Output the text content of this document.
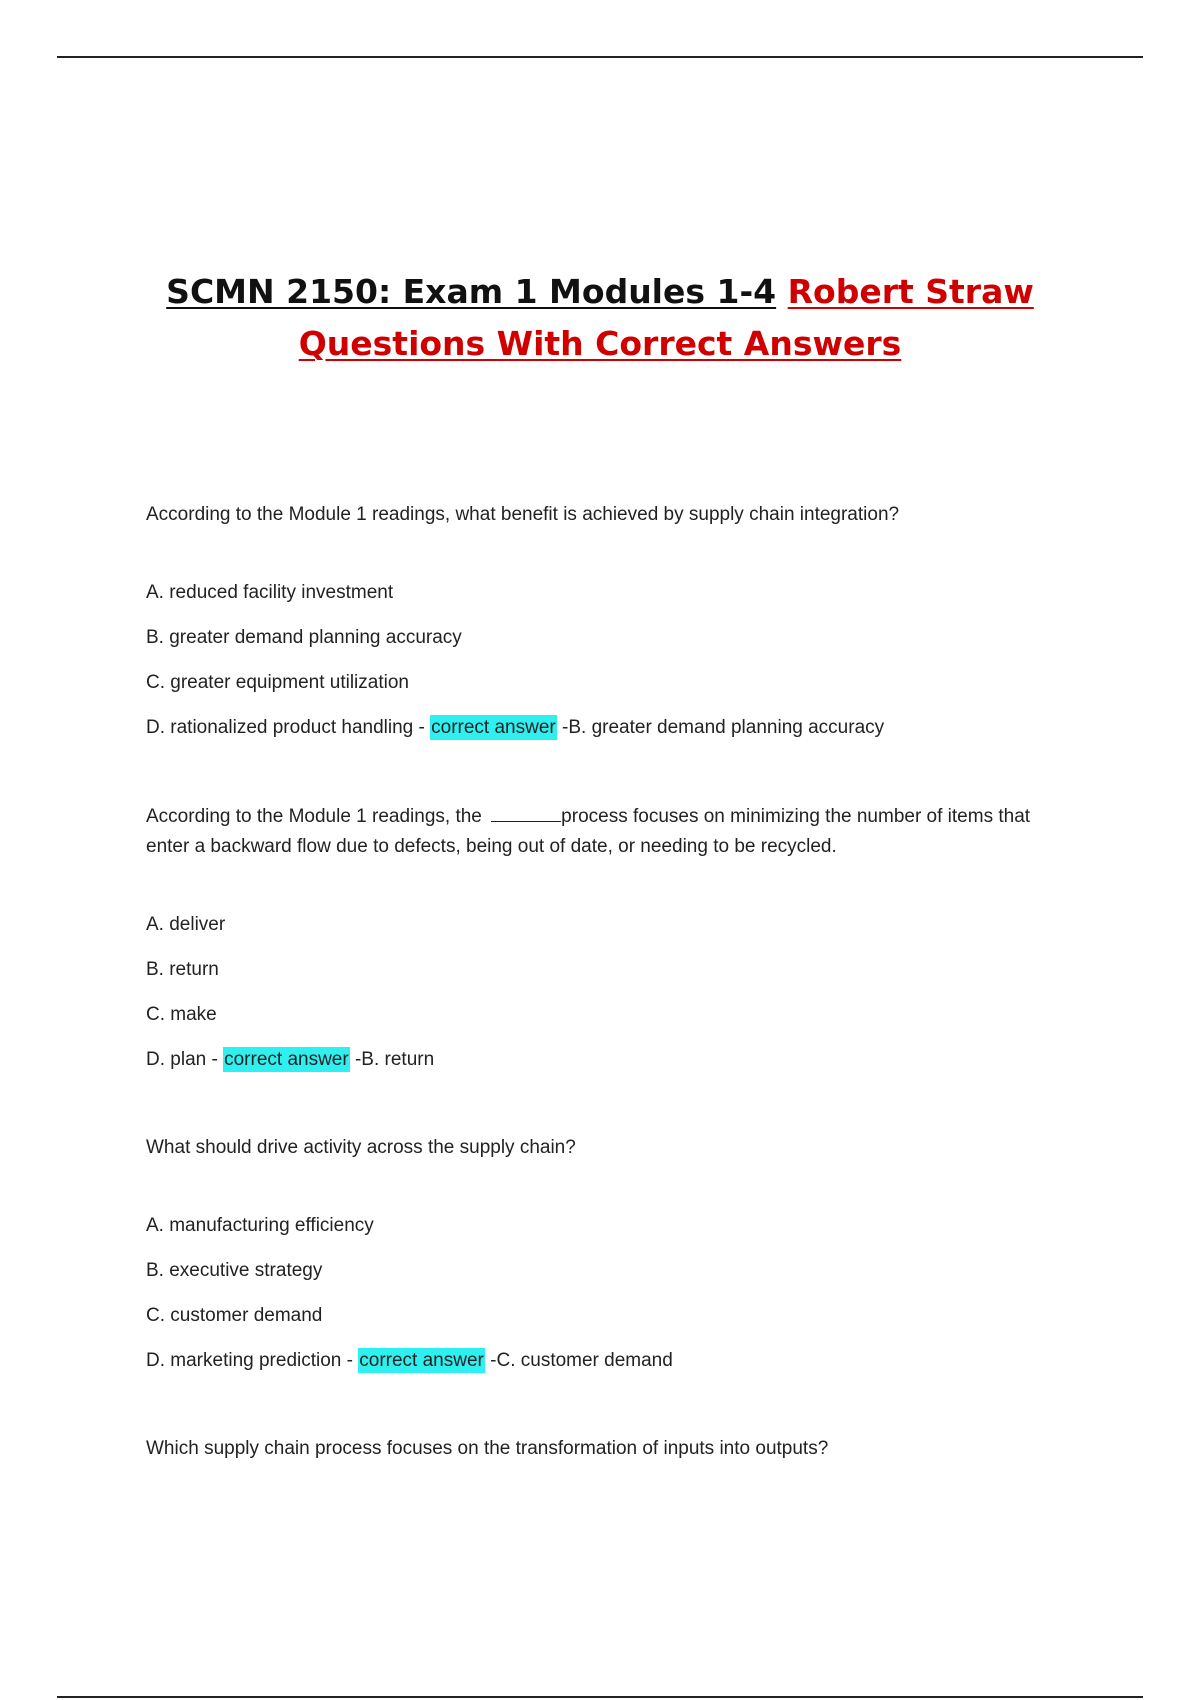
SCMN 2150: Exam 1 Modules 1-4 Robert Straw
Questions With Correct Answers

According to the Module 1 readings, what benefit is achieved by supply chain integration?

A. reduced facility investment
B. greater demand planning accuracy
C. greater equipment utilization
D. rationalized product handling - correct answer -B. greater demand planning accuracy

According to the Module 1 readings, the	process focuses on minimizing the number of items that enter a backward flow due to defects, being out of date, or needing to be recycled.

A. deliver
B. return
C. make
D. plan - correct answer -B. return

What should drive activity across the supply chain?

A. manufacturing efficiency
B. executive strategy
C. customer demand
D. marketing prediction - correct answer -C. customer demand

Which supply chain process focuses on the transformation of inputs into outputs?
